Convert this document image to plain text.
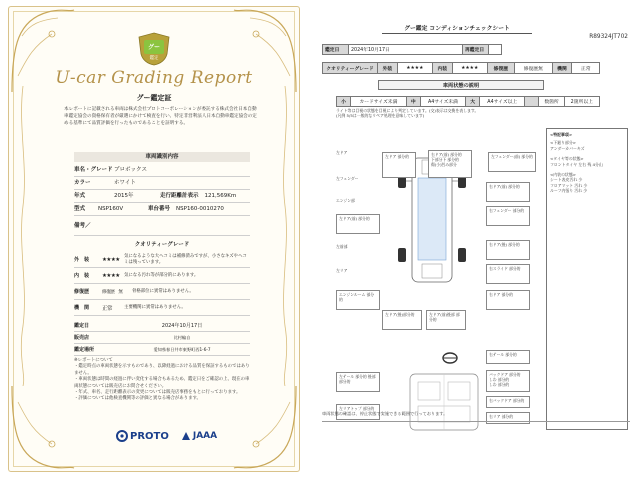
グー
鑑定
U-car Grading Report
グー鑑定証
本レポートに記載される車両は株式会社プロトコーポレーションが委託する株式会社日本自動車鑑定協会の資格保有者が厳選にかけて検査を行い、特定非営利法人日本自動車鑑定協会の定める基準にて品質評価を行ったものであることを証明する。
車両識別内容
車名・グレード プロボックス
カラー	ホワイト
年式	2015年	走行距離計表示 121,569Km
型式	NSP160V	車台番号 NSP160-0010270
備考／
クオリティーグレード
外　装	★★★★
気になるような大ヘコミは補修済みですが、小さなキズやヘコミは残っています。
内　装	★★★★ 気になる汚れ等が部分的にあります。
修復歴	修復歴　無	骨格部位に異常はありません。
機　関	正常	主要機関に異常はありません。
鑑定日	2024年10月17日
販売店	比村輪自
鑑定場所	愛知県春日井市東野町西1-6-7
※レポートについて
・鑑定時点の車両状態を示すものであり、以降経過における品質を保証するものではありません。
・車両状態は時間の経過に伴い変化する場合もあるため、鑑定日をご確認の上、現在の車両状態については販売店にお問合せください。
・年式、車名、走行距離表示の変更については販売店事務をもとに行っております。
・評価については他検査機関等の評価と異なる場合があります。
PROTO	JAAA
グー鑑定 コンディションチェックシート
R89324JT702
鑑定日	2024年10月17日	再鑑定日	
クオリティーグレード	外装	★★★★	内装	★★★★	修復歴	修復歴無	機関	正常
車両状態の説明
小	カードサイズ未満	中	A4サイズ未満	大	A4サイズ以上		数箇所	2箇所以上
ライト等は目視の状態を目視により判定しています。(交)表示は交換を表します。
(凡例 5/5は一般的なリペア処理を意味しています)
左ドア 部分的	右ドア(前) 部分的
下部分下 部分的
傷(小)凹み部分
左フェンダー(前) 部分的
左ドア
左フェンダー
エンジン部
左前部
左リア
左ドア(前) 部分的
エンジンルーム 部分的
左ドア(後)部分的	左ドア(前)後部 部分的
右ドア(前) 部分的
右フェンダー 部分的
右ドア(後) 部分的
右スライド 部分的
右ドア 部分的
左テール 部分的 後部 部分的
左リアトップ 部分的
右テール 部分的
バックドア 部分的
しわ 部分的
しわ 部分的
右バックドア 部分的
右リア 部分的
<特記事項>
<下廻り部分>
アンダーカバーキズ
<タイヤ等の状態>
フロントタイヤ 左右 残 4分山
<内装の状態>
シート表皮汚れ 少
フロアマット 汚れ 少
ルーフ内張り 汚れ 少
車両状態の確認は、停止状態で実施できる範囲で行っております。
